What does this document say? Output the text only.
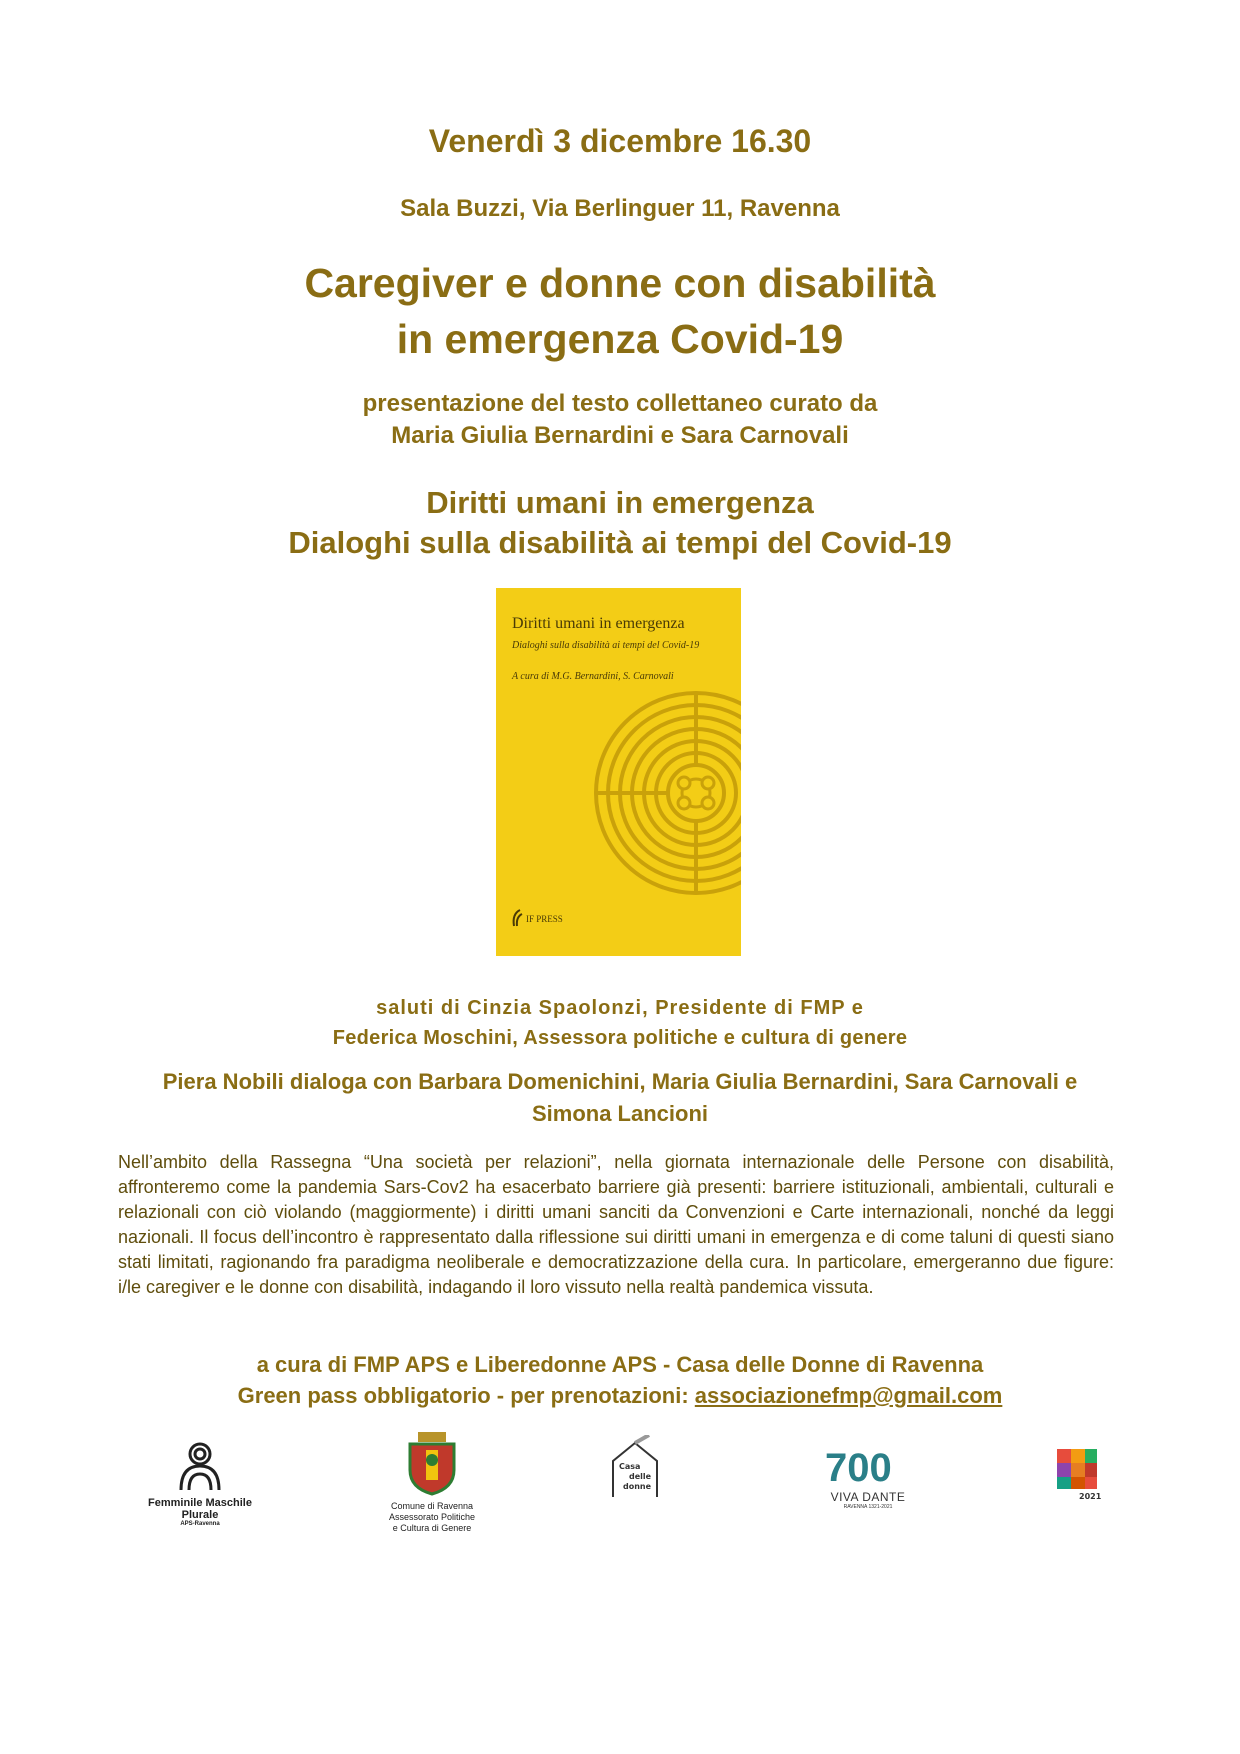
Venerdì 3 dicembre 16.30
Sala Buzzi, Via Berlinguer 11, Ravenna
Caregiver e donne con disabilità
in emergenza Covid-19
presentazione del testo collettaneo curato da
Maria Giulia Bernardini e Sara Carnovali
Diritti umani in emergenza
Dialoghi sulla disabilità ai tempi del Covid-19
Diritti umani in emergenza
Dialoghi sulla disabilità ai tempi del Covid-19
A cura di M.G. Bernardini, S. Carnovali
IF PRESS
saluti di Cinzia Spaolonzi, Presidente di FMP e
Federica Moschini, Assessora politiche e cultura di genere
Piera Nobili dialoga con Barbara Domenichini, Maria Giulia Bernardini, Sara Carnovali e Simona Lancioni
Nell’ambito della Rassegna “Una società per relazioni”, nella giornata internazionale delle Persone con disabilità, affronteremo come la pandemia Sars-Cov2 ha esacerbato barriere già presenti: barriere istituzionali, ambientali, culturali e relazionali con ciò violando (maggiormente) i diritti umani sanciti da Convenzioni e Carte internazionali, nonché da leggi nazionali. Il focus dell’incontro è rappresentato dalla riflessione sui diritti umani in emergenza e di come taluni di questi siano stati limitati, ragionando fra paradigma neoliberale e democratizzazione della cura. In particolare, emergeranno due figure: i/le caregiver e le donne con disabilità, indagando il loro vissuto nella realtà pandemica vissuta.
a cura di FMP APS e Liberedonne APS - Casa delle Donne di Ravenna
Green pass obbligatorio - per prenotazioni: associazionefmp@gmail.com
Femminile Maschile Plurale
APS-Ravenna
Comune di Ravenna
Assessorato Politiche
e Cultura di Genere
Casa
delle
donne	700
VIVA DANTE
RAVENNA 1321-2021
2021
